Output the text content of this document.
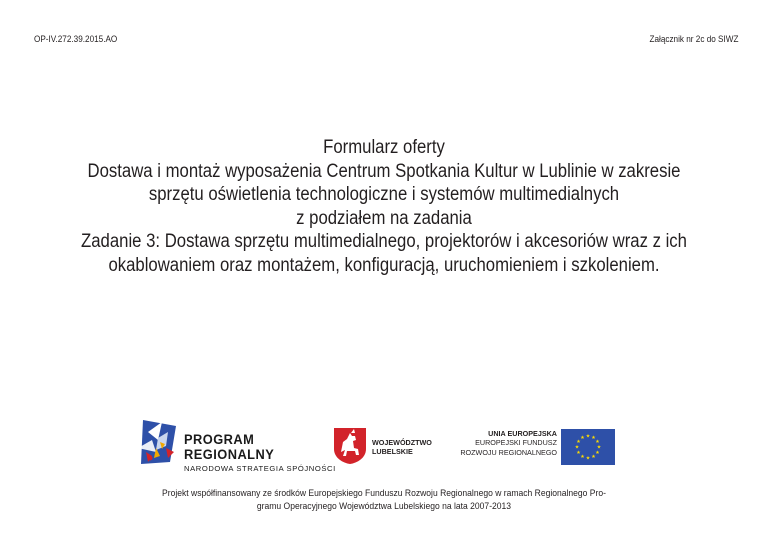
OP-IV.272.39.2015.AO	Załącznik nr 2c do SIWZ
Formularz oferty
Dostawa i montaż wyposażenia Centrum Spotkania Kultur w Lublinie w zakresie
sprzętu oświetlenia technologiczne i systemów multimedialnych
z podziałem na zadania
Zadanie 3: Dostawa sprzętu multimedialnego, projektorów i akcesoriów wraz z ich
okablowaniem oraz montażem, konfiguracją, uruchomieniem i szkoleniem.
PROGRAM
REGIONALNY
NARODOWA STRATEGIA SPÓJNOŚCI
WOJEWÓDZTWO
LUBELSKIE
UNIA EUROPEJSKA
EUROPEJSKI FUNDUSZ
ROZWOJU REGIONALNEGO
★ ★
★
★
★
★
★
★
★
★
★
★
Projekt współfinansowany ze środków Europejskiego Funduszu Rozwoju Regionalnego w ramach Regionalnego Pro-
gramu Operacyjnego Województwa Lubelskiego na lata 2007-2013
